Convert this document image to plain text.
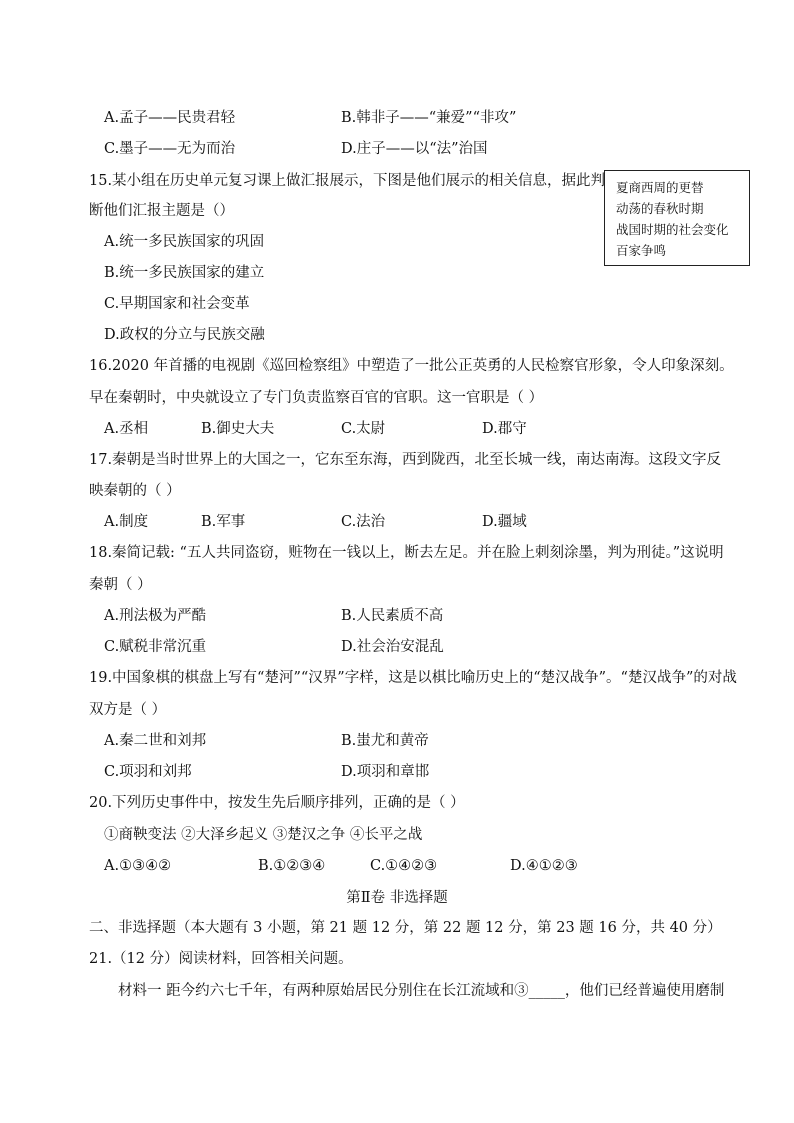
A.孟子——民贵君轻	B.韩非子——“兼爱”“非攻”
C.墨子——无为而治	D.庄子——以“法”治国
15.某小组在历史单元复习课上做汇报展示，下图是他们展示的相关信息，据此判
断他们汇报主题是（）
夏商西周的更替
动荡的春秋时期
战国时期的社会变化
百家争鸣
A.统一多民族国家的巩固
B.统一多民族国家的建立
C.早期国家和社会变革
D.政权的分立与民族交融
16.2020 年首播的电视剧《巡回检察组》中塑造了一批公正英勇的人民检察官形象，令人印象深刻。
早在秦朝时，中央就设立了专门负责监察百官的官职。这一官职是（ ）
A.丞相	B.御史大夫	C.太尉	D.郡守
17.秦朝是当时世界上的大国之一，它东至东海，西到陇西，北至长城一线，南达南海。这段文字反
映秦朝的（ ）
A.制度	B.军事	C.法治	D.疆域
18.秦简记载: “五人共同盗窃，赃物在一钱以上，断去左足。并在脸上刺刻涂墨，判为刑徒。”这说明
秦朝（ ）
A.刑法极为严酷	B.人民素质不高
C.赋税非常沉重	D.社会治安混乱
19.中国象棋的棋盘上写有“楚河”“汉界”字样，这是以棋比喻历史上的“楚汉战争”。“楚汉战争”的对战
双方是（ ）
A.秦二世和刘邦	B.蚩尤和黄帝
C.项羽和刘邦	D.项羽和章邯
20.下列历史事件中，按发生先后顺序排列，正确的是（ ）
①商鞅变法 ②大泽乡起义 ③楚汉之争 ④长平之战
A.①③④②	B.①②③④	C.①④②③	D.④①②③
第Ⅱ卷 非选择题
二、非选择题（本大题有 3 小题，第 21 题 12 分，第 22 题 12 分，第 23 题 16 分，共 40 分）
21.（12 分）阅读材料，回答相关问题。
材料一 距今约六七千年，有两种原始居民分别住在长江流域和③_____，他们已经普遍使用磨制
